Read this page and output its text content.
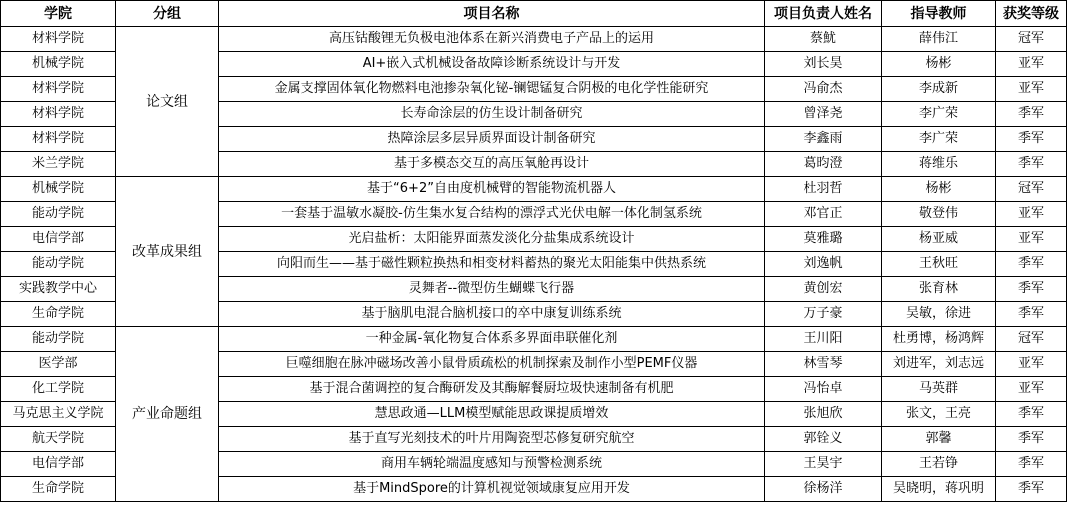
学院	分组	项目名称	项目负责人姓名	指导教师	获奖等级
材料学院	论文组	高压钴酸锂无负极电池体系在新兴消费电子产品上的运用	蔡魷	薛伟江	冠军
机械学院		AI+嵌入式机械设备故障诊断系统设计与开发	刘长昊	杨彬	亚军
材料学院		金属支撑固体氧化物燃料电池掺杂氧化铋-镧锶锰复合阴极的电化学性能研究	冯俞杰	李成新	亚军
材料学院		长寿命涂层的仿生设计制备研究	曾泽尧	李广荣	季军
材料学院		热障涂层多层异质界面设计制备研究	李鑫雨	李广荣	季军
米兰学院		基于多模态交互的高压氧舱再设计	葛昀澄	蒋维乐	季军
机械学院	改革成果组	基于“6+2”自由度机械臂的智能物流机器人	杜羽哲	杨彬	冠军
能动学院		一套基于温敏水凝胶-仿生集水复合结构的漂浮式光伏电解一体化制氢系统	邓官正	敬登伟	亚军
电信学部		光启盐析：太阳能界面蒸发淡化分盐集成系统设计	莫雅璐	杨亚威	亚军
能动学院		向阳而生——基于磁性颗粒换热和相变材料蓄热的聚光太阳能集中供热系统	刘逸帆	王秋旺	季军
实践教学中心		灵舞者--微型仿生蝴蝶飞行器	黄创宏	张育林	季军
生命学院		基于脑肌电混合脑机接口的卒中康复训练系统	万子豪	吴敏，徐进	季军
能动学院	产业命题组	一种金属-氧化物复合体系多界面串联催化剂	王川阳	杜勇博，杨鸿辉	冠军
医学部		巨噬细胞在脉冲磁场改善小鼠骨质疏松的机制探索及制作小型PEMF仪器	林雪琴	刘进军，刘志远	亚军
化工学院		基于混合菌调控的复合酶研发及其酶解餐厨垃圾快速制备有机肥	冯怡卓	马英群	亚军
马克思主义学院		慧思政通—LLM模型赋能思政课提质增效	张旭欣	张文，王亮	季军
航天学院		基于直写光刻技术的叶片用陶瓷型芯修复研究航空	郭铨义	郭馨	季军
电信学部		商用车辆轮端温度感知与预警检测系统	王昊宇	王若铮	季军
生命学院		基于MindSpore的计算机视觉领域康复应用开发	徐杨洋	吴晓明，蒋巩明	季军
